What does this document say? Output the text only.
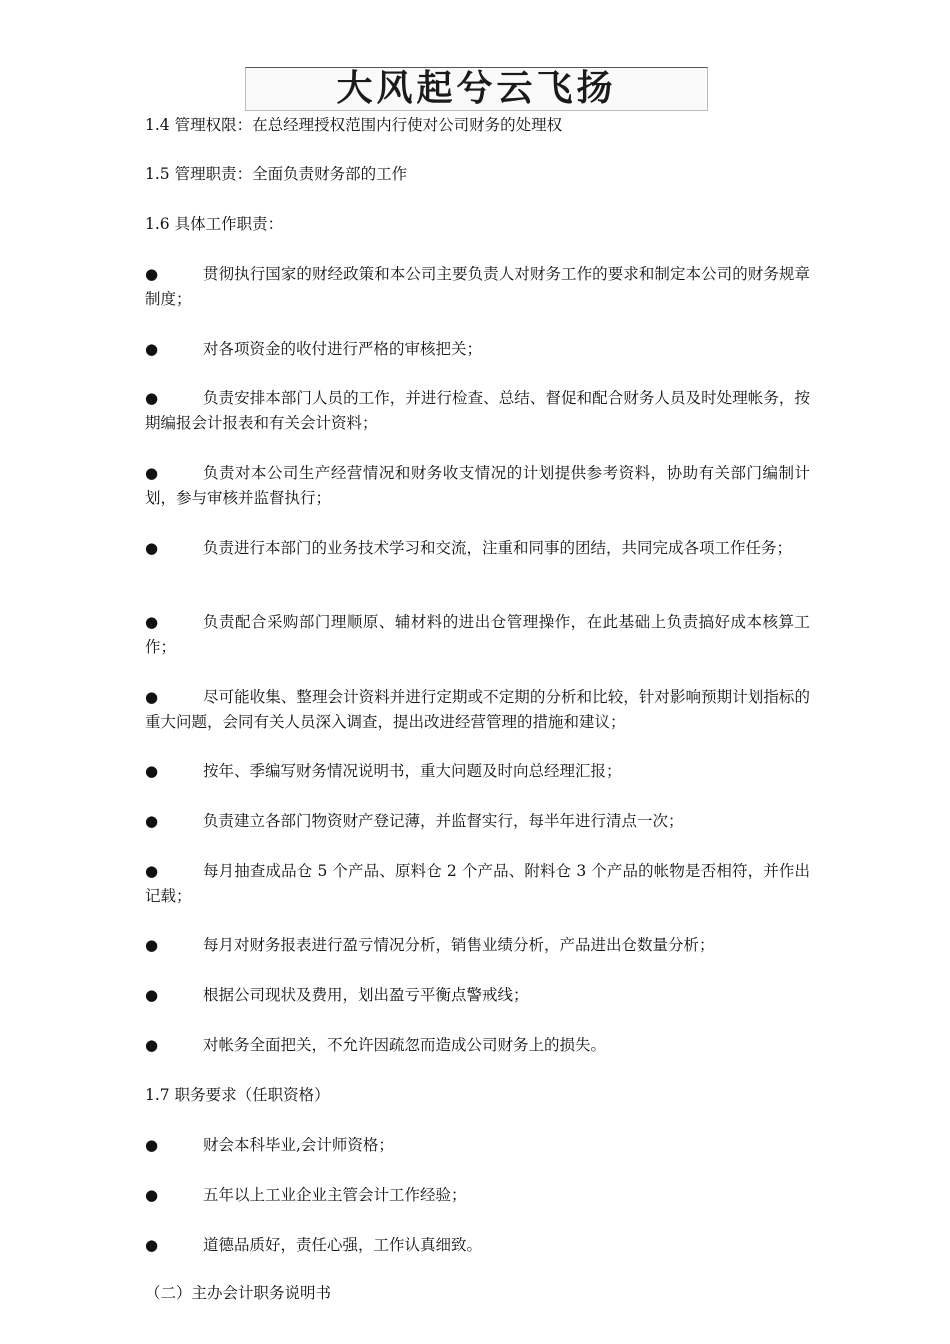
大风起兮云飞扬
1.4 管理权限：在总经理授权范围内行使对公司财务的处理权
1.5 管理职责：全面负责财务部的工作
1.6 具体工作职责：
●	贯彻执行国家的财经政策和本公司主要负责人对财务工作的要求和制定本公司的财务规章制度；
●	对各项资金的收付进行严格的审核把关；
●	负责安排本部门人员的工作，并进行检查、总结、督促和配合财务人员及时处理帐务，按期编报会计报表和有关会计资料；
●	负责对本公司生产经营情况和财务收支情况的计划提供参考资料，协助有关部门编制计划，参与审核并监督执行；
●	负责进行本部门的业务技术学习和交流，注重和同事的团结，共同完成各项工作任务；
●	负责配合采购部门理顺原、辅材料的进出仓管理操作，在此基础上负责搞好成本核算工作；
●	尽可能收集、整理会计资料并进行定期或不定期的分析和比较，针对影响预期计划指标的重大问题，会同有关人员深入调查，提出改进经营管理的措施和建议；
●	按年、季编写财务情况说明书，重大问题及时向总经理汇报；
●	负责建立各部门物资财产登记薄，并监督实行，每半年进行清点一次；
●	每月抽查成品仓 5 个产品、原料仓 2 个产品、附料仓 3 个产品的帐物是否相符，并作出记载；
●	每月对财务报表进行盈亏情况分析，销售业绩分析，产品进出仓数量分析；
●	根据公司现状及费用，划出盈亏平衡点警戒线；
●	对帐务全面把关，不允许因疏忽而造成公司财务上的损失。
1.7 职务要求（任职资格）
●	财会本科毕业,会计师资格；
●	五年以上工业企业主管会计工作经验；
●	道德品质好，责任心强，工作认真细致。
（二）主办会计职务说明书
